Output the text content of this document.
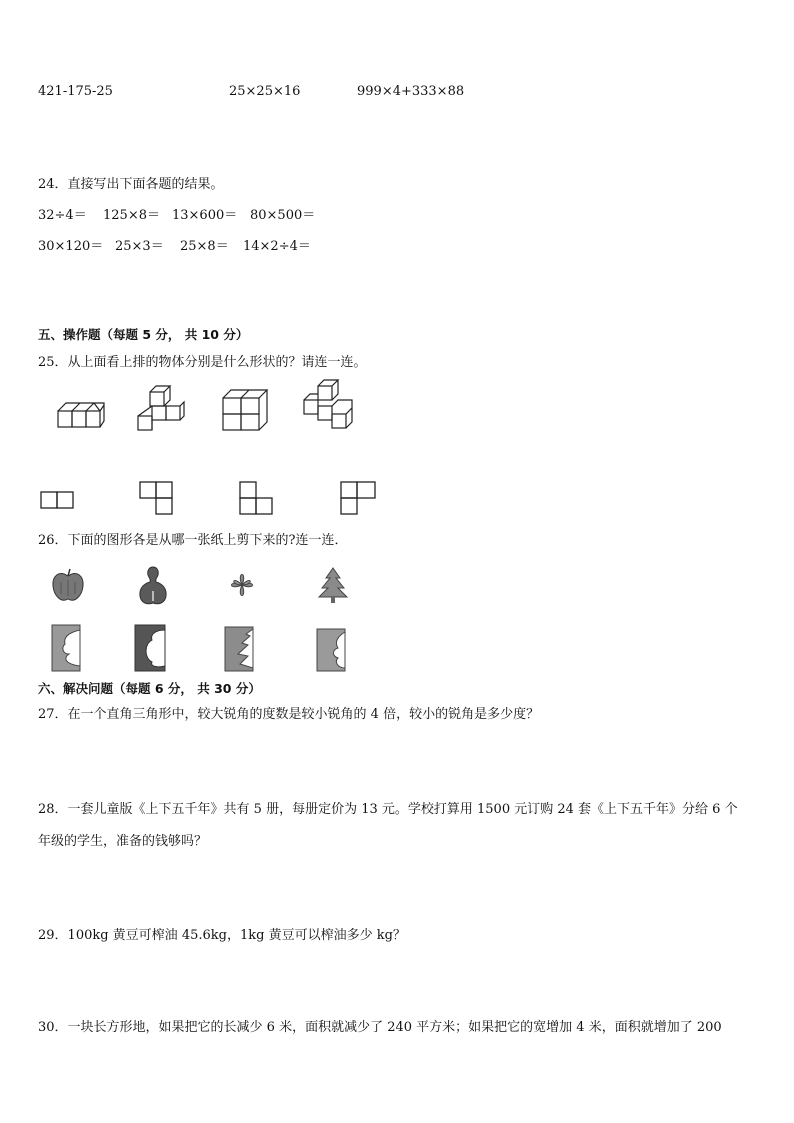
421-175-25	25×25×16	999×4+333×88
24．直接写出下面各题的结果。
32÷4＝ 125×8＝ 13×600＝ 80×500＝
30×120＝ 25×3＝ 25×8＝ 14×2÷4＝
五、操作题（每题 5 分， 共 10 分）
25．从上面看上排的物体分别是什么形状的？请连一连。
26．下面的图形各是从哪一张纸上剪下来的?连一连．
六、解决问题（每题 6 分， 共 30 分）
27．在一个直角三角形中，较大锐角的度数是较小锐角的 4 倍，较小的锐角是多少度？
28．一套儿童版《上下五千年》共有 5 册，每册定价为 13 元。学校打算用 1500 元订购 24 套《上下五千年》分给 6 个
年级的学生，准备的钱够吗？
29．100kg 黄豆可榨油 45.6kg，1kg 黄豆可以榨油多少 kg？
30．一块长方形地，如果把它的长减少 6 米，面积就减少了 240 平方米；如果把它的宽增加 4 米，面积就增加了 200
